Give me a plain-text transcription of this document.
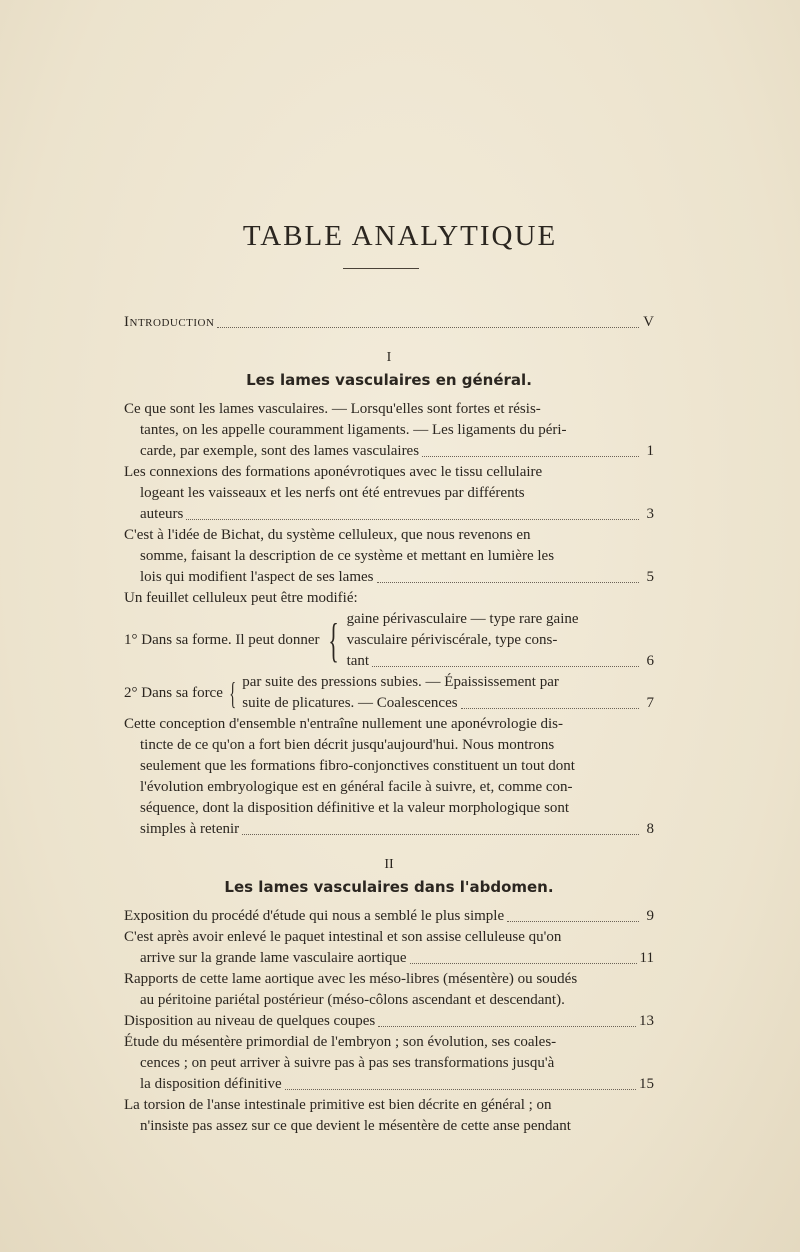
TABLE ANALYTIQUE
Introduction	V
I
Les lames vasculaires en général.
Ce que sont les lames vasculaires. — Lorsqu'elles sont fortes et résis-
tantes, on les appelle couramment ligaments. — Les ligaments du péri-
carde, par exemple, sont des lames vasculaires	1
Les connexions des formations aponévrotiques avec le tissu cellulaire
logeant les vaisseaux et les nerfs ont été entrevues par différents
auteurs	3
C'est à l'idée de Bichat, du système celluleux, que nous revenons en
somme, faisant la description de ce système et mettant en lumière les
lois qui modifient l'aspect de ses lames	5
Un feuillet celluleux peut être modifié:
1° Dans sa forme. Il peut donner { gaine périvasculaire — type rare gaine
vasculaire périviscérale, type cons-
tant	6
2° Dans sa force { par suite des pressions subies. — Épaississement par
suite de plicatures. — Coalescences	7
Cette conception d'ensemble n'entraîne nullement une aponévrologie dis-
tincte de ce qu'on a fort bien décrit jusqu'aujourd'hui. Nous montrons
seulement que les formations fibro-conjonctives constituent un tout dont
l'évolution embryologique est en général facile à suivre, et, comme con-
séquence, dont la disposition définitive et la valeur morphologique sont
simples à retenir	8
II
Les lames vasculaires dans l'abdomen.
Exposition du procédé d'étude qui nous a semblé le plus simple	9
C'est après avoir enlevé le paquet intestinal et son assise celluleuse qu'on
arrive sur la grande lame vasculaire aortique	11
Rapports de cette lame aortique avec les méso-libres (mésentère) ou soudés
au péritoine pariétal postérieur (méso-côlons ascendant et descendant).
Disposition au niveau de quelques coupes	13
Étude du mésentère primordial de l'embryon ; son évolution, ses coales-
cences ; on peut arriver à suivre pas à pas ses transformations jusqu'à
la disposition définitive	15
La torsion de l'anse intestinale primitive est bien décrite en général ; on
n'insiste pas assez sur ce que devient le mésentère de cette anse pendant
